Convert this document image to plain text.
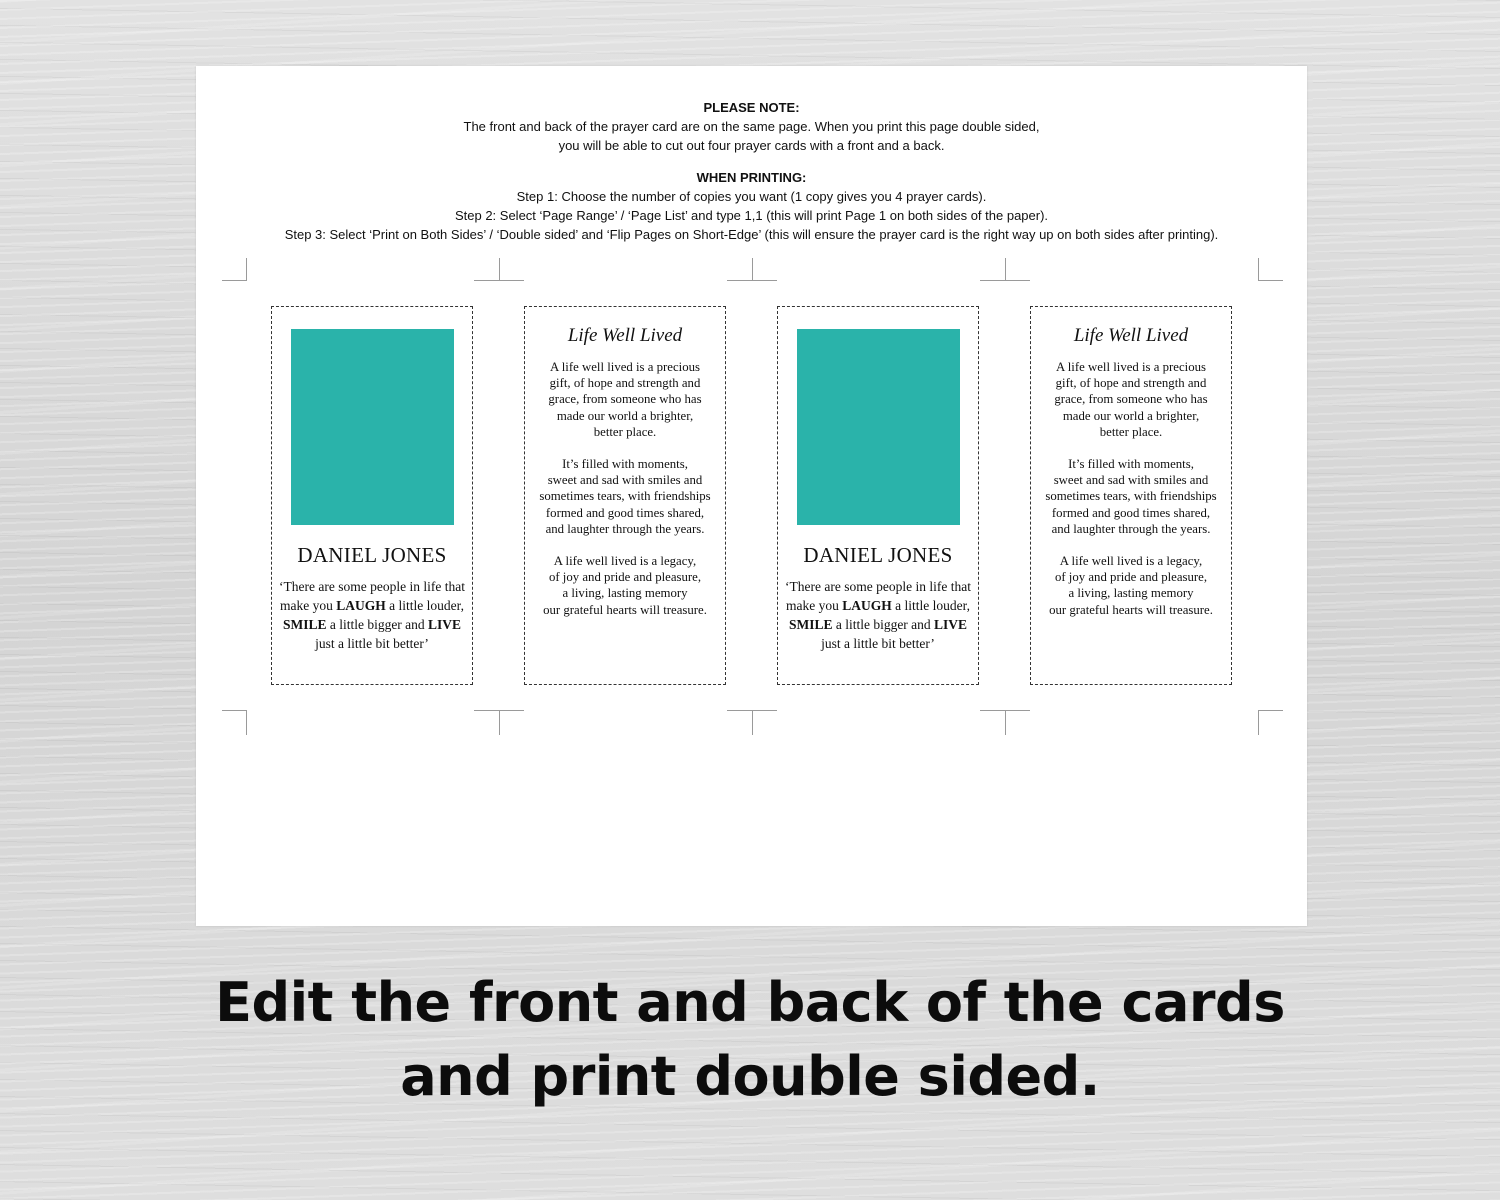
PLEASE NOTE:
The front and back of the prayer card are on the same page. When you print this page double sided,
you will be able to cut out four prayer cards with a front and a back.
WHEN PRINTING:
Step 1: Choose the number of copies you want (1 copy gives you 4 prayer cards).
Step 2: Select ‘Page Range’ / ‘Page List’ and type 1,1 (this will print Page 1 on both sides of the paper).
Step 3: Select ‘Print on Both Sides’ / ‘Double sided’ and ‘Flip Pages on Short-Edge’ (this will ensure the prayer card is the right way up on both sides after printing).
DANIEL JONES
‘There are some people in life that make you LAUGH a little louder, SMILE a little bigger and LIVE just a little bit better’
Life Well Lived
A life well lived is a precious
gift, of hope and strength and
grace, from someone who has
made our world a brighter,
better place.
It’s filled with moments,
sweet and sad with smiles and
sometimes tears, with friendships
formed and good times shared,
and laughter through the years.
A life well lived is a legacy,
of joy and pride and pleasure,
a living, lasting memory
our grateful hearts will treasure.
DANIEL JONES
‘There are some people in life that make you LAUGH a little louder, SMILE a little bigger and LIVE just a little bit better’
Life Well Lived
A life well lived is a precious
gift, of hope and strength and
grace, from someone who has
made our world a brighter,
better place.
It’s filled with moments,
sweet and sad with smiles and
sometimes tears, with friendships
formed and good times shared,
and laughter through the years.
A life well lived is a legacy,
of joy and pride and pleasure,
a living, lasting memory
our grateful hearts will treasure.
Edit the front and back of the cards
and print double sided.
